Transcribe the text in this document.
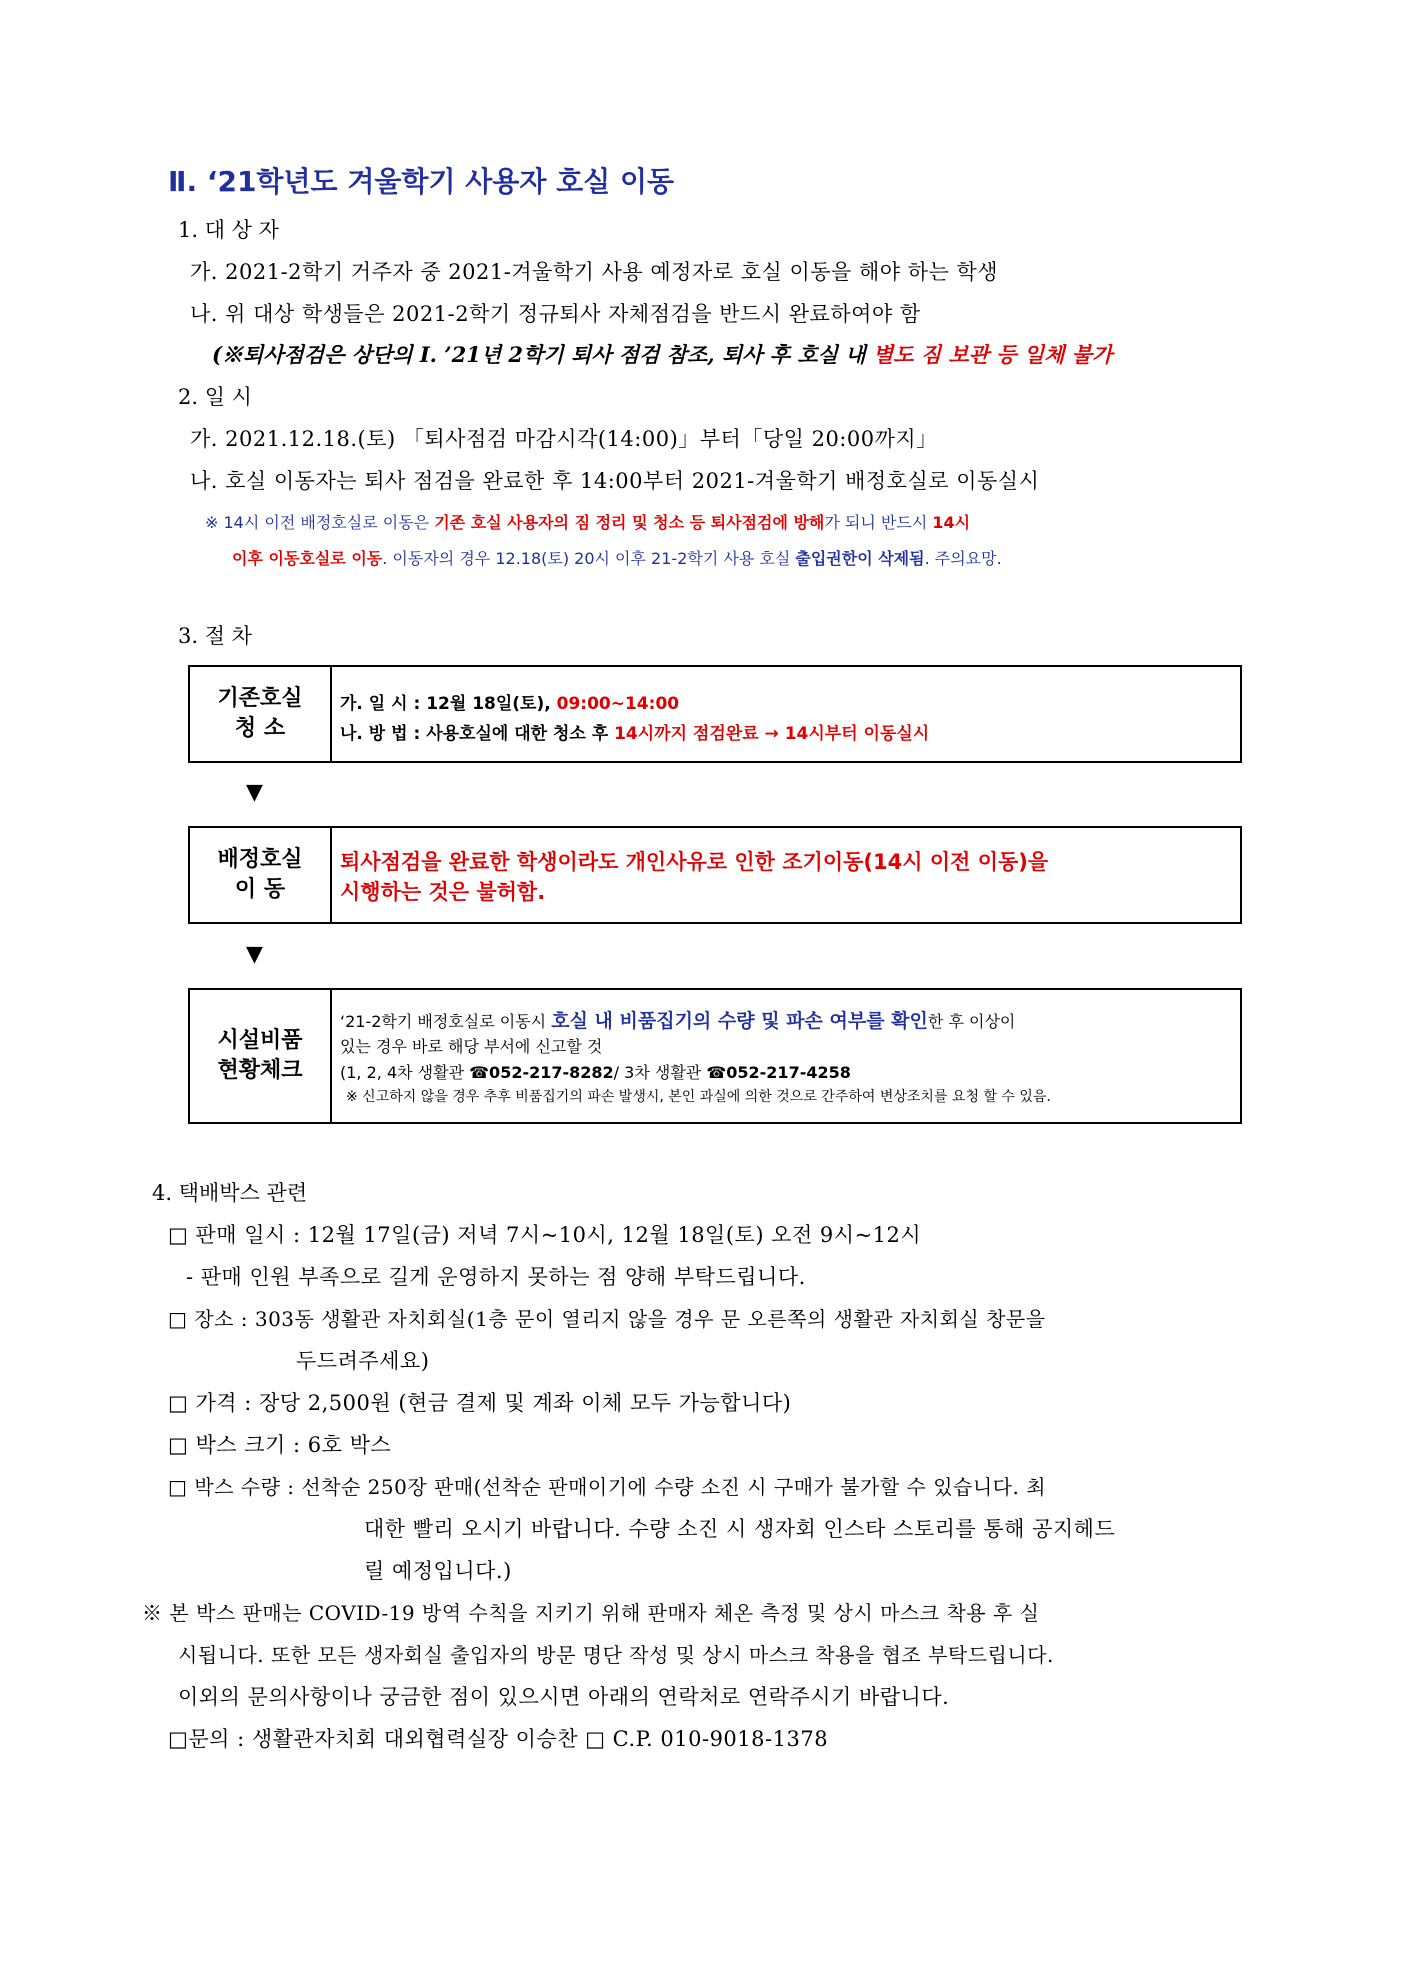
Ⅱ. ‘21학년도 겨울학기 사용자 호실 이동
1. 대 상 자
가. 2021-2학기 거주자 중 2021-겨울학기 사용 예정자로 호실 이동을 해야 하는 학생
나. 위 대상 학생들은 2021-2학기 정규퇴사 자체점검을 반드시 완료하여야 함
(※퇴사점검은 상단의 Ⅰ. ’21년 2학기 퇴사 점검 참조, 퇴사 후 호실 내 별도 짐 보관 등 일체 불가
2. 일 시
가. 2021.12.18.(토) 「퇴사점검 마감시각(14:00)」부터「당일 20:00까지」
나. 호실 이동자는 퇴사 점검을 완료한 후 14:00부터 2021-겨울학기 배정호실로 이동실시
※ 14시 이전 배정호실로 이동은 기존 호실 사용자의 짐 정리 및 청소 등 퇴사점검에 방해가 되니 반드시 14시
이후 이동호실로 이동. 이동자의 경우 12.18(토) 20시 이후 21-2학기 사용 호실 출입권한이 삭제됨. 주의요망.
3. 절 차
기존호실
청 소
가. 일 시 : 12월 18일(토), 09:00~14:00
나. 방 법 : 사용호실에 대한 청소 후 14시까지 점검완료 → 14시부터 이동실시
▼
배정호실
이 동
퇴사점검을 완료한 학생이라도 개인사유로 인한 조기이동(14시 이전 이동)을
시행하는 것은 불허함.
▼
시설비품
현황체크
‘21-2학기 배정호실로 이동시 호실 내 비품집기의 수량 및 파손 여부를 확인한 후 이상이
있는 경우 바로 해당 부서에 신고할 것
(1, 2, 4차 생활관 ☎052-217-8282/ 3차 생활관 ☎052-217-4258
※ 신고하지 않을 경우 추후 비품집기의 파손 발생시, 본인 과실에 의한 것으로 간주하여 변상조치를 요청 할 수 있음.
4. 택배박스 관련
□ 판매 일시 : 12월 17일(금) 저녁 7시~10시, 12월 18일(토) 오전 9시~12시
- 판매 인원 부족으로 길게 운영하지 못하는 점 양해 부탁드립니다.
□ 장소 : 303동 생활관 자치회실(1층 문이 열리지 않을 경우 문 오른쪽의 생활관 자치회실 창문을
두드려주세요)
□ 가격 : 장당 2,500원 (현금 결제 및 계좌 이체 모두 가능합니다)
□ 박스 크기 : 6호 박스
□ 박스 수량 : 선착순 250장 판매(선착순 판매이기에 수량 소진 시 구매가 불가할 수 있습니다. 최
대한 빨리 오시기 바랍니다. 수량 소진 시 생자회 인스타 스토리를 통해 공지헤드
릴 예정입니다.)
※ 본 박스 판매는 COVID-19 방역 수칙을 지키기 위해 판매자 체온 측정 및 상시 마스크 착용 후 실
시됩니다. 또한 모든 생자회실 출입자의 방문 명단 작성 및 상시 마스크 착용을 협조 부탁드립니다.
이외의 문의사항이나 궁금한 점이 있으시면 아래의 연락처로 연락주시기 바랍니다.
□문의 : 생활관자치회 대외협력실장 이승찬 □ C.P. 010-9018-1378
